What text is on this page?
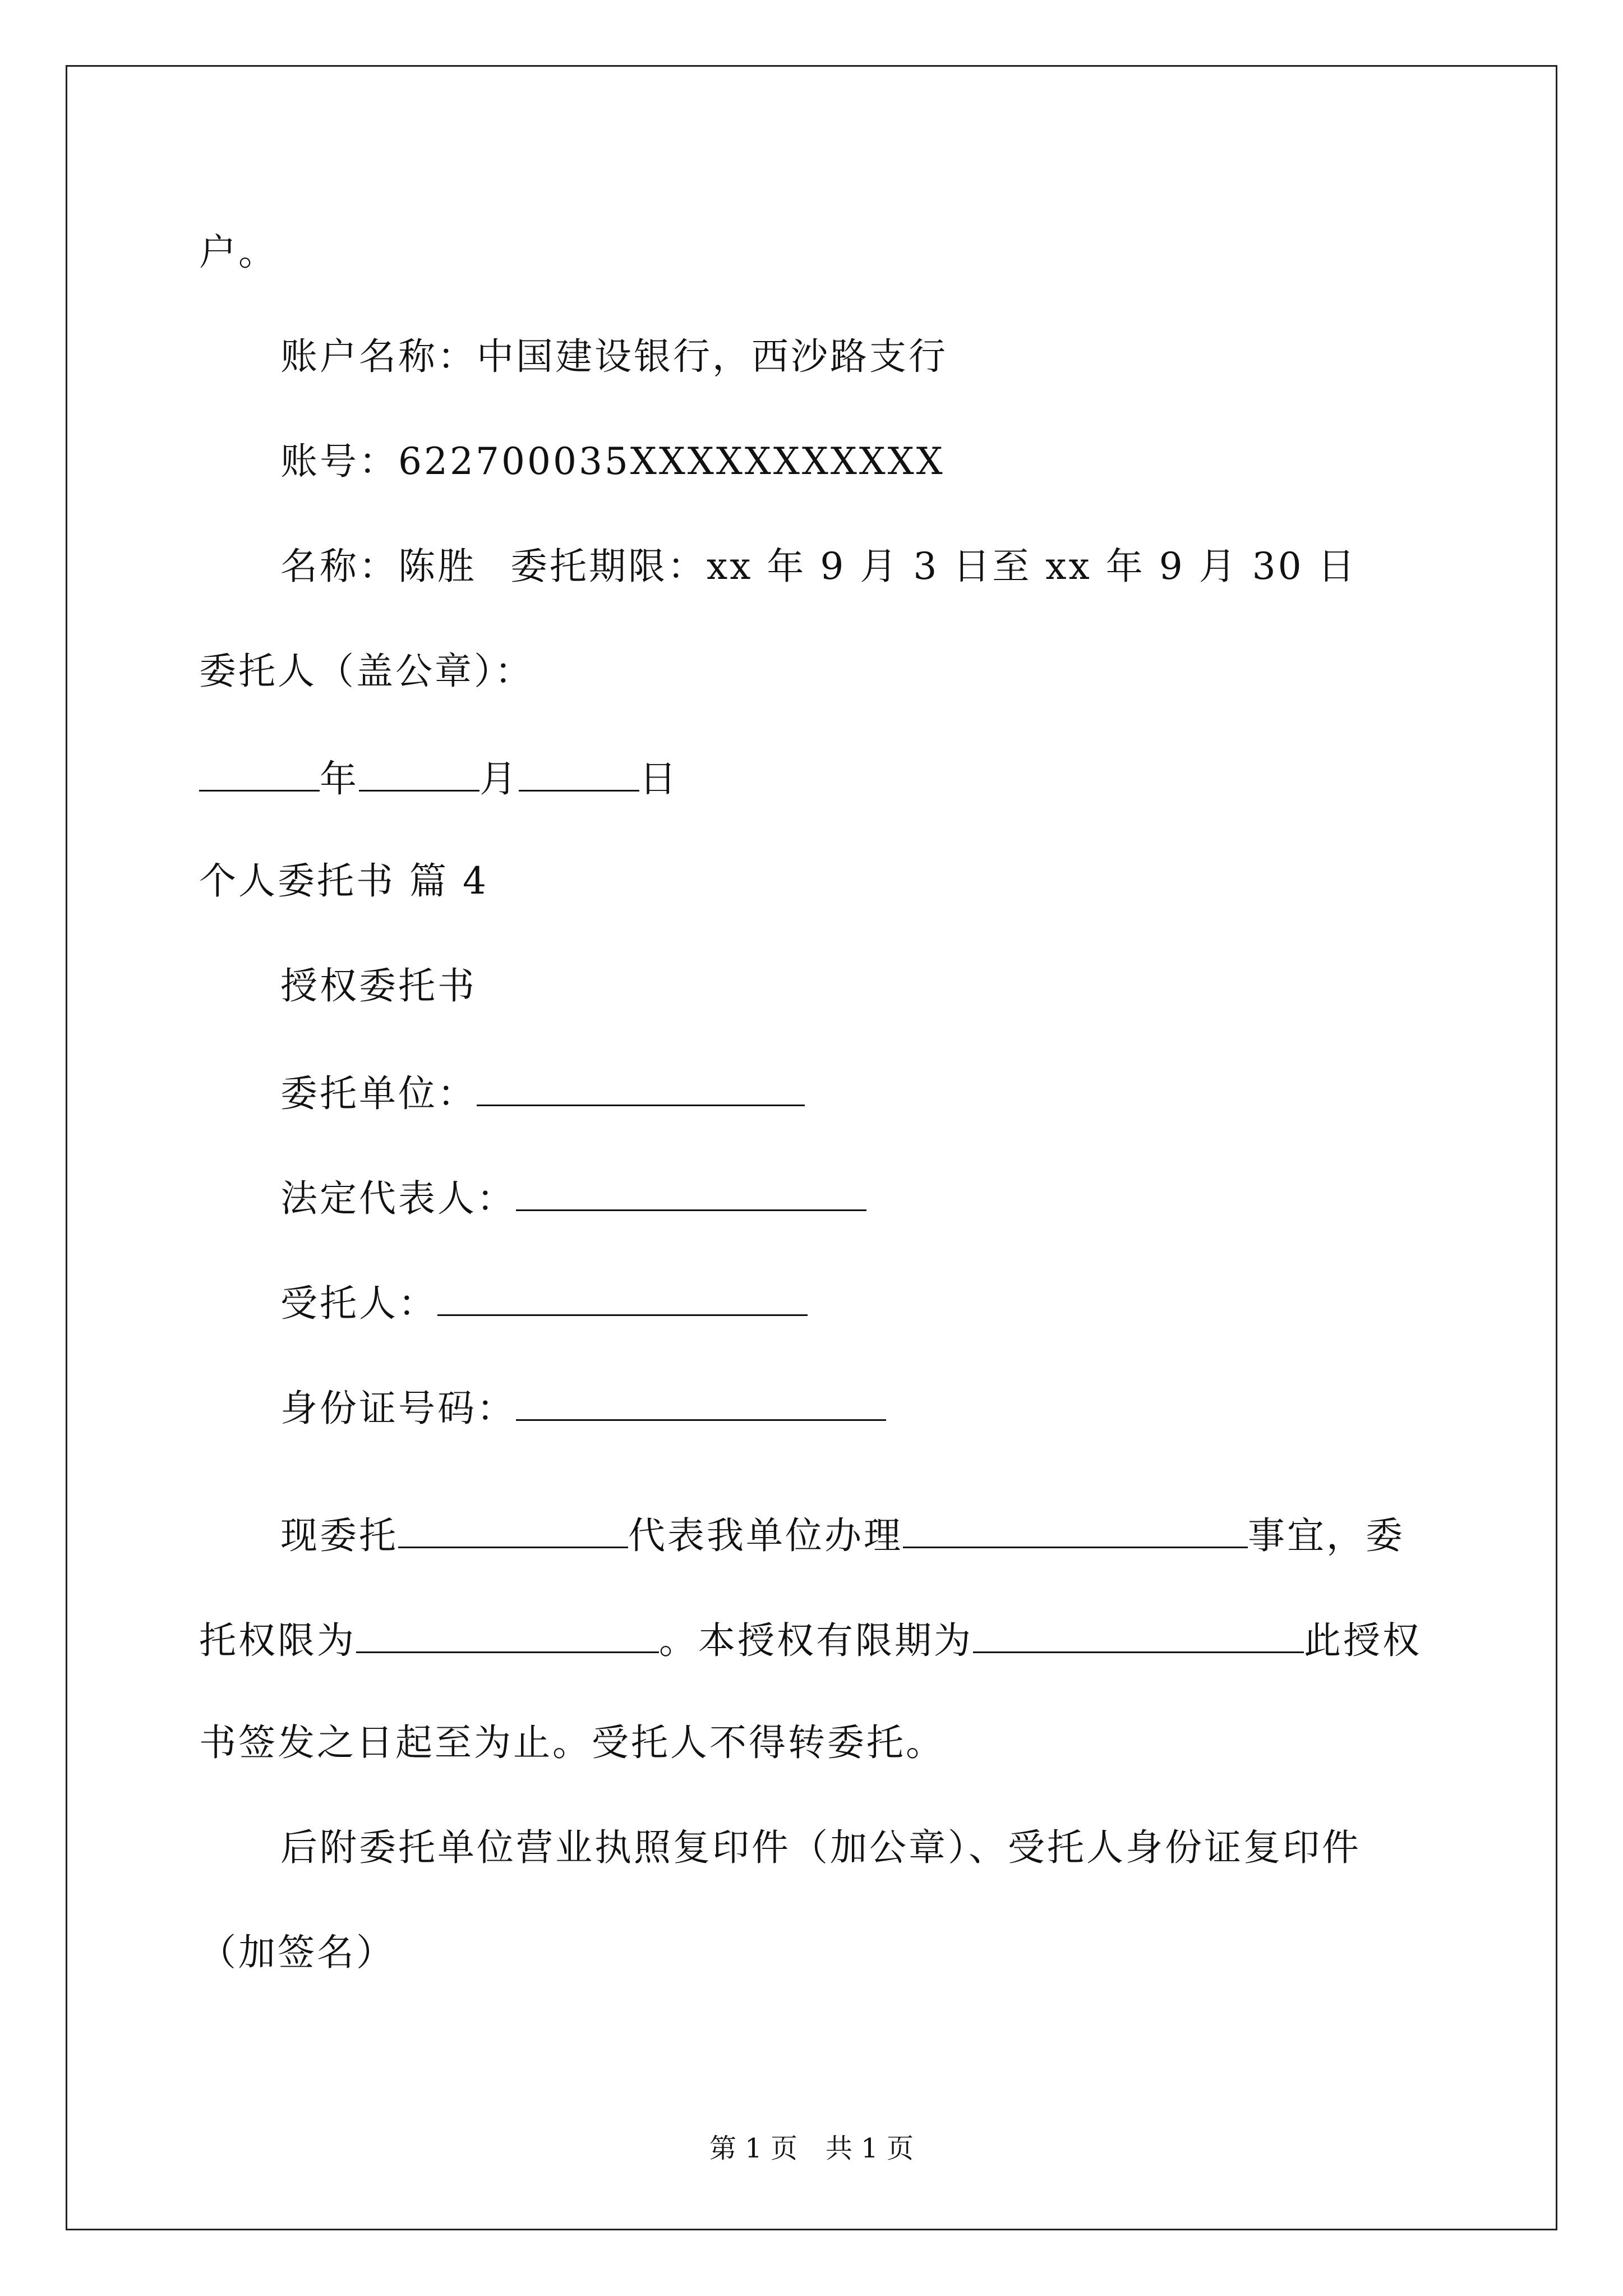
户。
账户名称：中国建设银行，西沙路支行
账号：622700035XXXXXXXXXXX
名称：陈胜 委托期限：xx 年 9 月 3 日至 xx 年 9 月 30 日
委托人（盖公章）：
年	月	日
个人委托书 篇 4
授权委托书
委托单位：
法定代表人：
受托人：
身份证号码：
现委托	代表我单位办理	事宜，委
托权限为	。本授权有限期为	此授权
书签发之日起至为止。受托人不得转委托。
后附委托单位营业执照复印件（加公章）、受托人身份证复印件
（加签名）
第 1 页 共 1 页
